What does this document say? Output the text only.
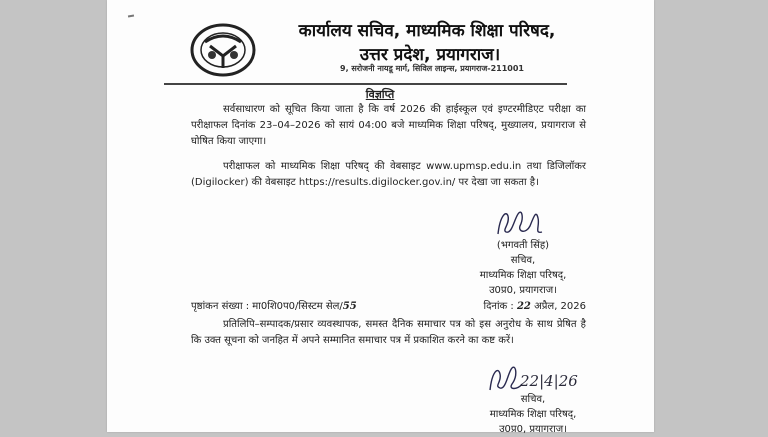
कार्यालय सचिव, माध्यमिक शिक्षा परिषद,
उत्तर प्रदेश, प्रयागराज।
9, सरोजनी नायडू मार्ग, सिविल लाइन्स, प्रयागराज-211001
विज्ञप्ति
सर्वसाधारण को सूचित किया जाता है कि वर्ष 2026 की हाईस्कूल एवं इण्टरमीडिएट परीक्षा का परीक्षाफल दिनांक 23–04–2026 को सायं 04:00 बजे माध्यमिक शिक्षा परिषद्, मुख्यालय, प्रयागराज से घोषित किया जाएगा।
परीक्षाफल को माध्यमिक शिक्षा परिषद् की वेबसाइट www.upmsp.edu.in तथा डिजिलॉकर (Digilocker) की वेबसाइट https://results.digilocker.gov.in/ पर देखा जा सकता है।
(भगवती सिंह)
सचिव,
माध्यमिक शिक्षा परिषद्,
उ0प्र0, प्रयागराज।
पृष्ठांकन संख्या : मा0शि0प0/सिस्टम सेल/55	दिनांक : 22 अप्रैल, 2026
प्रतिलिपि–सम्पादक/प्रसार व्यवस्थापक, समस्त दैनिक समाचार पत्र को इस अनुरोध के साथ प्रेषित है कि उक्त सूचना को जनहित में अपने सम्मानित समाचार पत्र में प्रकाशित करने का कष्ट करें।
22|4|26
सचिव,
माध्यमिक शिक्षा परिषद्,
उ0प्र0, प्रयागराज।
